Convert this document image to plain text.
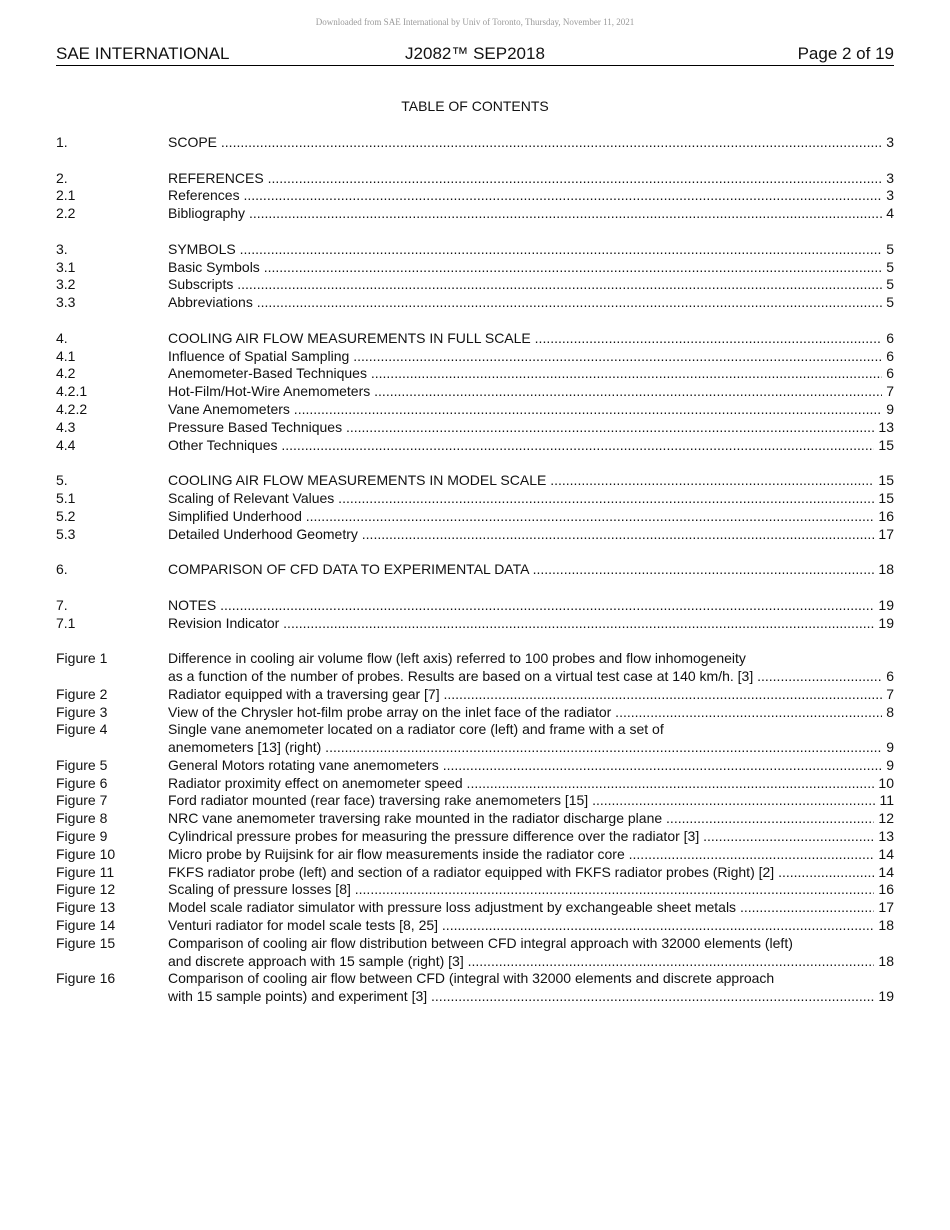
Downloaded from SAE International by Univ of Toronto, Thursday, November 11, 2021
SAE INTERNATIONAL	J2082™ SEP2018	Page 2 of 19
TABLE OF CONTENTS
1.	SCOPE .....	3
2.	REFERENCES .....	3
2.1	References .....	3
2.2	Bibliography .....	4
3.	SYMBOLS .....	5
3.1	Basic Symbols .....	5
3.2	Subscripts .....	5
3.3	Abbreviations .....	5
4.	COOLING AIR FLOW MEASUREMENTS IN FULL SCALE .....	6
4.1	Influence of Spatial Sampling .....	6
4.2	Anemometer-Based Techniques .....	6
4.2.1	Hot-Film/Hot-Wire Anemometers .....	7
4.2.2	Vane Anemometers .....	9
4.3	Pressure Based Techniques .....	13
4.4	Other Techniques .....	15
5.	COOLING AIR FLOW MEASUREMENTS IN MODEL SCALE .....	15
5.1	Scaling of Relevant Values .....	15
5.2	Simplified Underhood .....	16
5.3	Detailed Underhood Geometry .....	17
6.	COMPARISON OF CFD DATA TO EXPERIMENTAL DATA .....	18
7.	NOTES .....	19
7.1	Revision Indicator .....	19
Figure 1	Difference in cooling air volume flow (left axis) referred to 100 probes and flow inhomogeneity
as a function of the number of probes. Results are based on a virtual test case at 140 km/h. [3] .....	6
Figure 2	Radiator equipped with a traversing gear [7] .....	7
Figure 3	View of the Chrysler hot-film probe array on the inlet face of the radiator .....	8
Figure 4	Single vane anemometer located on a radiator core (left) and frame with a set of
anemometers [13] (right) .....	9
Figure 5	General Motors rotating vane anemometers .....	9
Figure 6	Radiator proximity effect on anemometer speed .....	10
Figure 7	Ford radiator mounted (rear face) traversing rake anemometers [15] .....	11
Figure 8	NRC vane anemometer traversing rake mounted in the radiator discharge plane .....	12
Figure 9	Cylindrical pressure probes for measuring the pressure difference over the radiator [3] .....	13
Figure 10	Micro probe by Ruijsink for air flow measurements inside the radiator core .....	14
Figure 11	FKFS radiator probe (left) and section of a radiator equipped with FKFS radiator probes (Right) [2] .....	14
Figure 12	Scaling of pressure losses [8] .....	16
Figure 13	Model scale radiator simulator with pressure loss adjustment by exchangeable sheet metals .....	17
Figure 14	Venturi radiator for model scale tests [8, 25] .....	18
Figure 15	Comparison of cooling air flow distribution between CFD integral approach with 32000 elements (left)
and discrete approach with 15 sample (right) [3] .....	18
Figure 16	Comparison of cooling air flow between CFD (integral with 32000 elements and discrete approach
with 15 sample points) and experiment [3] .....	19
